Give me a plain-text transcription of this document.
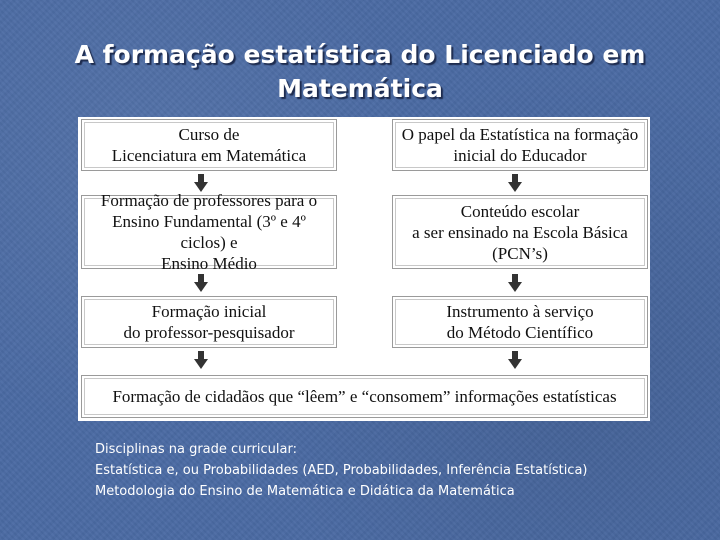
A formação estatística do Licenciado em
Matemática
Curso de
Licenciatura em Matemática
Formação de professores para o
Ensino Fundamental (3º e 4º ciclos) e
Ensino Médio
Formação inicial
do professor-pesquisador
O papel da Estatística na formação
inicial do Educador
Conteúdo escolar
a ser ensinado na Escola Básica
(PCN’s)
Instrumento à serviço
do Método Científico
Formação de cidadãos que “lêem” e “consomem” informações estatísticas
Disciplinas na grade curricular:
Estatística e, ou Probabilidades (AED, Probabilidades, Inferência Estatística)
Metodologia do Ensino de Matemática e Didática da Matemática
